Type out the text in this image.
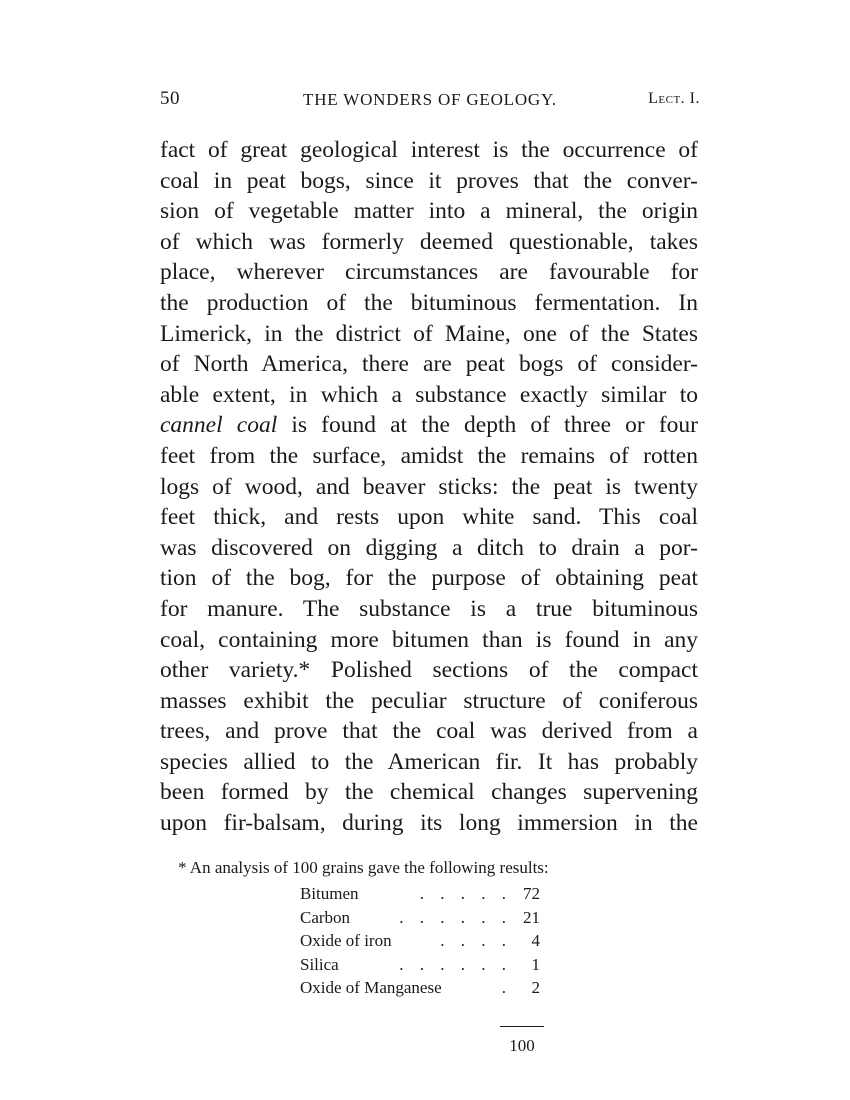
50	THE WONDERS OF GEOLOGY.	Lect. I.
fact of great geological interest is the occurrence of
coal in peat bogs, since it proves that the conver-
sion of vegetable matter into a mineral, the origin
of which was formerly deemed questionable, takes
place, wherever circumstances are favourable for
the production of the bituminous fermentation. In
Limerick, in the district of Maine, one of the States
of North America, there are peat bogs of consider-
able extent, in which a substance exactly similar to
cannel coal is found at the depth of three or four
feet from the surface, amidst the remains of rotten
logs of wood, and beaver sticks: the peat is twenty
feet thick, and rests upon white sand. This coal
was discovered on digging a ditch to drain a por-
tion of the bog, for the purpose of obtaining peat
for manure. The substance is a true bituminous
coal, containing more bitumen than is found in any
other variety.* Polished sections of the compact
masses exhibit the peculiar structure of coniferous
trees, and prove that the coal was derived from a
species allied to the American fir. It has probably
been formed by the chemical changes supervening
upon fir-balsam, during its long immersion in the
* An analysis of 100 grains gave the following results:
Bitumen	. . . . . 72
Carbon	. . . . . . 21
Oxide of iron	. . . .	4
Silica	. . . . . .	1
Oxide of Manganese	.	2
100
